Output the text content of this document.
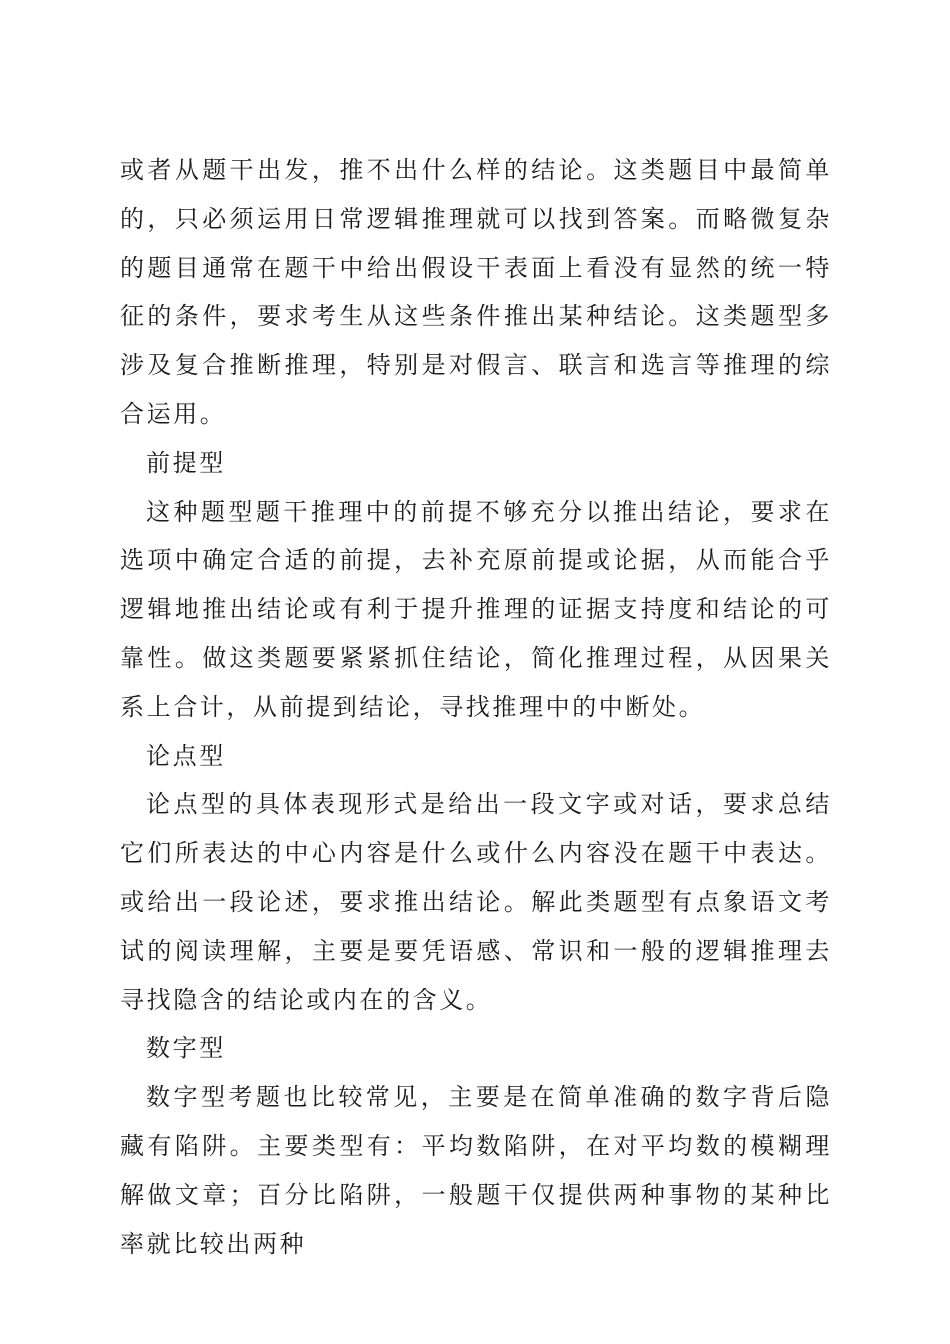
或者从题干出发，推不出什么样的结论。这类题目中最简单的，只必须运用日常逻辑推理就可以找到答案。而略微复杂的题目通常在题干中给出假设干表面上看没有显然的统一特征的条件，要求考生从这些条件推出某种结论。这类题型多涉及复合推断推理，特别是对假言、联言和选言等推理的综合运用。

前提型

这种题型题干推理中的前提不够充分以推出结论，要求在选项中确定合适的前提，去补充原前提或论据，从而能合乎逻辑地推出结论或有利于提升推理的证据支持度和结论的可靠性。做这类题要紧紧抓住结论，简化推理过程，从因果关系上合计，从前提到结论，寻找推理中的中断处。

论点型

论点型的具体表现形式是给出一段文字或对话，要求总结它们所表达的中心内容是什么或什么内容没在题干中表达。或给出一段论述，要求推出结论。解此类题型有点象语文考试的阅读理解，主要是要凭语感、常识和一般的逻辑推理去寻找隐含的结论或内在的含义。

数字型

数字型考题也比较常见，主要是在简单准确的数字背后隐藏有陷阱。主要类型有：平均数陷阱，在对平均数的模糊理解做文章；百分比陷阱，一般题干仅提供两种事物的某种比率就比较出两种
